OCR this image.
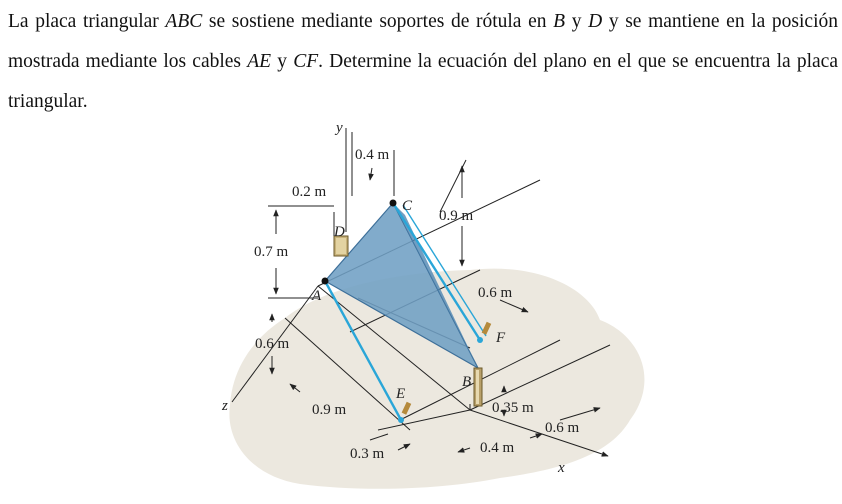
La placa triangular ABC se sostiene mediante soportes de rótula en B y D y se mantiene en la posición mostrada mediante los cables AE y CF. Determine la ecuación del plano en el que se encuentra la placa triangular.
x
y
z
A
B
C
D
E
F
0.4 m
0.2 m
0.7 m
0.9 m
0.6 m
0.6 m
0.9 m
0.3 m
0.35 m
0.4 m
0.6 m
